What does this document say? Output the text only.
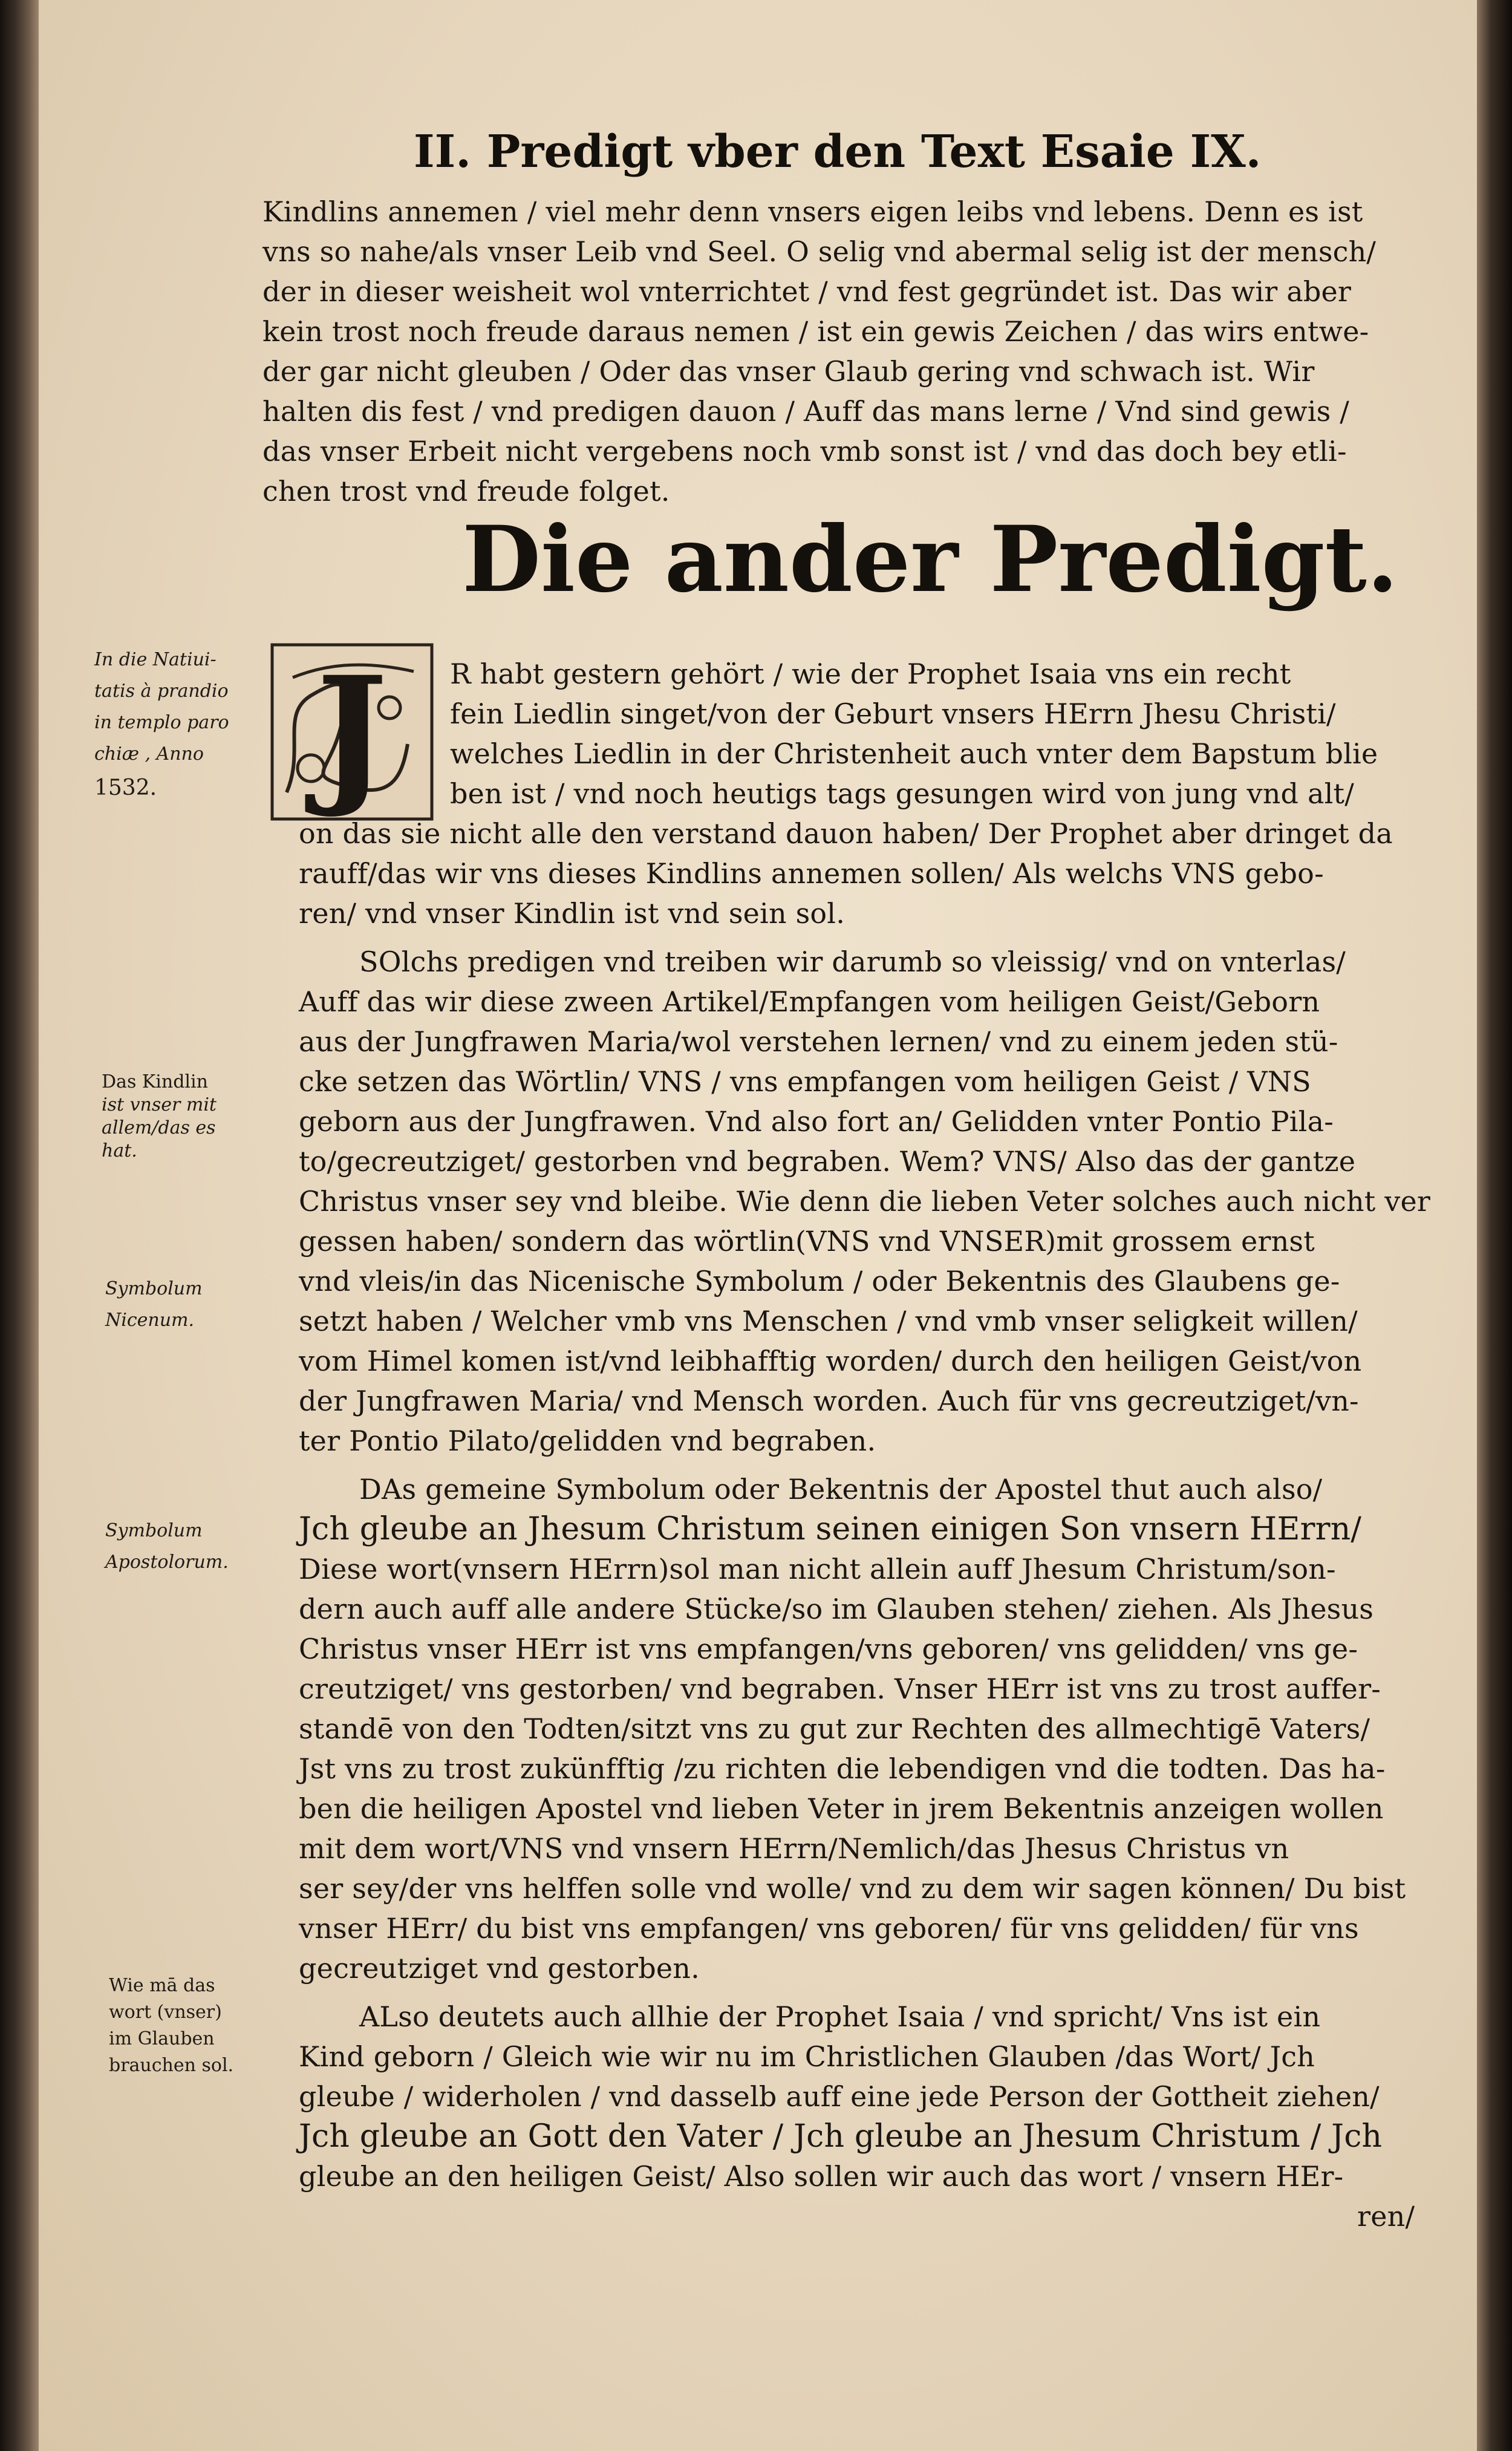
II. Predigt vber den Text Esaie IX.
Kindlins annemen / viel mehr denn vnsers eigen leibs vnd lebens. Denn es ist
vns so nahe/als vnser Leib vnd Seel. O selig vnd abermal selig ist der mensch/
der in dieser weisheit wol vnterrichtet / vnd fest gegründet ist. Das wir aber
kein trost noch freude daraus nemen / ist ein gewis Zeichen / das wirs entwe-
der gar nicht gleuben / Oder das vnser Glaub gering vnd schwach ist. Wir
halten dis fest / vnd predigen dauon / Auff das mans lerne / Vnd sind gewis /
das vnser Erbeit nicht vergebens noch vmb sonst ist / vnd das doch bey etli-
chen trost vnd freude folget.
Die ander Predigt.
J	R habt gestern gehört / wie der Prophet Isaia vns ein recht
fein Liedlin singet/von der Geburt vnsers HErrn Jhesu Christi/
welches Liedlin in der Christenheit auch vnter dem Bapstum blie
ben ist / vnd noch heutigs tags gesungen wird von jung vnd alt/
on das sie nicht alle den verstand dauon haben/ Der Prophet aber dringet da
rauff/das wir vns dieses Kindlins annemen sollen/ Als welchs VNS gebo-
ren/ vnd vnser Kindlin ist vnd sein sol.
SOlchs predigen vnd treiben wir darumb so vleissig/ vnd on vnterlas/
Auff das wir diese zween Artikel/Empfangen vom heiligen Geist/Geborn
aus der Jungfrawen Maria/wol verstehen lernen/ vnd zu einem jeden stü-
cke setzen das Wörtlin/ VNS / vns empfangen vom heiligen Geist / VNS
geborn aus der Jungfrawen. Vnd also fort an/ Gelidden vnter Pontio Pila-
to/gecreutziget/ gestorben vnd begraben. Wem? VNS/ Also das der gantze
Christus vnser sey vnd bleibe. Wie denn die lieben Veter solches auch nicht ver
gessen haben/ sondern das wörtlin(VNS vnd VNSER)mit grossem ernst
vnd vleis/in das Nicenische Symbolum / oder Bekentnis des Glaubens ge-
setzt haben / Welcher vmb vns Menschen / vnd vmb vnser seligkeit willen/
vom Himel komen ist/vnd leibhafftig worden/ durch den heiligen Geist/von
der Jungfrawen Maria/ vnd Mensch worden. Auch für vns gecreutziget/vn-
ter Pontio Pilato/gelidden vnd begraben.
DAs gemeine Symbolum oder Bekentnis der Apostel thut auch also/
Jch gleube an Jhesum Christum seinen einigen Son vnsern HErrn/
Diese wort(vnsern HErrn)sol man nicht allein auff Jhesum Christum/son-
dern auch auff alle andere Stücke/so im Glauben stehen/ ziehen. Als Jhesus
Christus vnser HErr ist vns empfangen/vns geboren/ vns gelidden/ vns ge-
creutziget/ vns gestorben/ vnd begraben. Vnser HErr ist vns zu trost auffer-
standē von den Todten/sitzt vns zu gut zur Rechten des allmechtigē Vaters/
Jst vns zu trost zukünfftig /zu richten die lebendigen vnd die todten. Das ha-
ben die heiligen Apostel vnd lieben Veter in jrem Bekentnis anzeigen wollen
mit dem wort/VNS vnd vnsern HErrn/Nemlich/das Jhesus Christus vn
ser sey/der vns helffen solle vnd wolle/ vnd zu dem wir sagen können/ Du bist
vnser HErr/ du bist vns empfangen/ vns geboren/ für vns gelidden/ für vns
gecreutziget vnd gestorben.
ALso deutets auch allhie der Prophet Isaia / vnd spricht/ Vns ist ein
Kind geborn / Gleich wie wir nu im Christlichen Glauben /das Wort/ Jch
gleube / widerholen / vnd dasselb auff eine jede Person der Gottheit ziehen/
Jch gleube an Gott den Vater / Jch gleube an Jhesum Christum / Jch
gleube an den heiligen Geist/ Also sollen wir auch das wort / vnsern HEr-
ren/
In die Natiui-
tatis à prandio
in templo paro
chiæ , Anno
1532.
Das Kindlin
ist vnser mit
allem/das es
hat.
Symbolum
Nicenum.
Symbolum
Apostolorum.
Wie mā das
wort (vnser)
im Glauben
brauchen sol.
